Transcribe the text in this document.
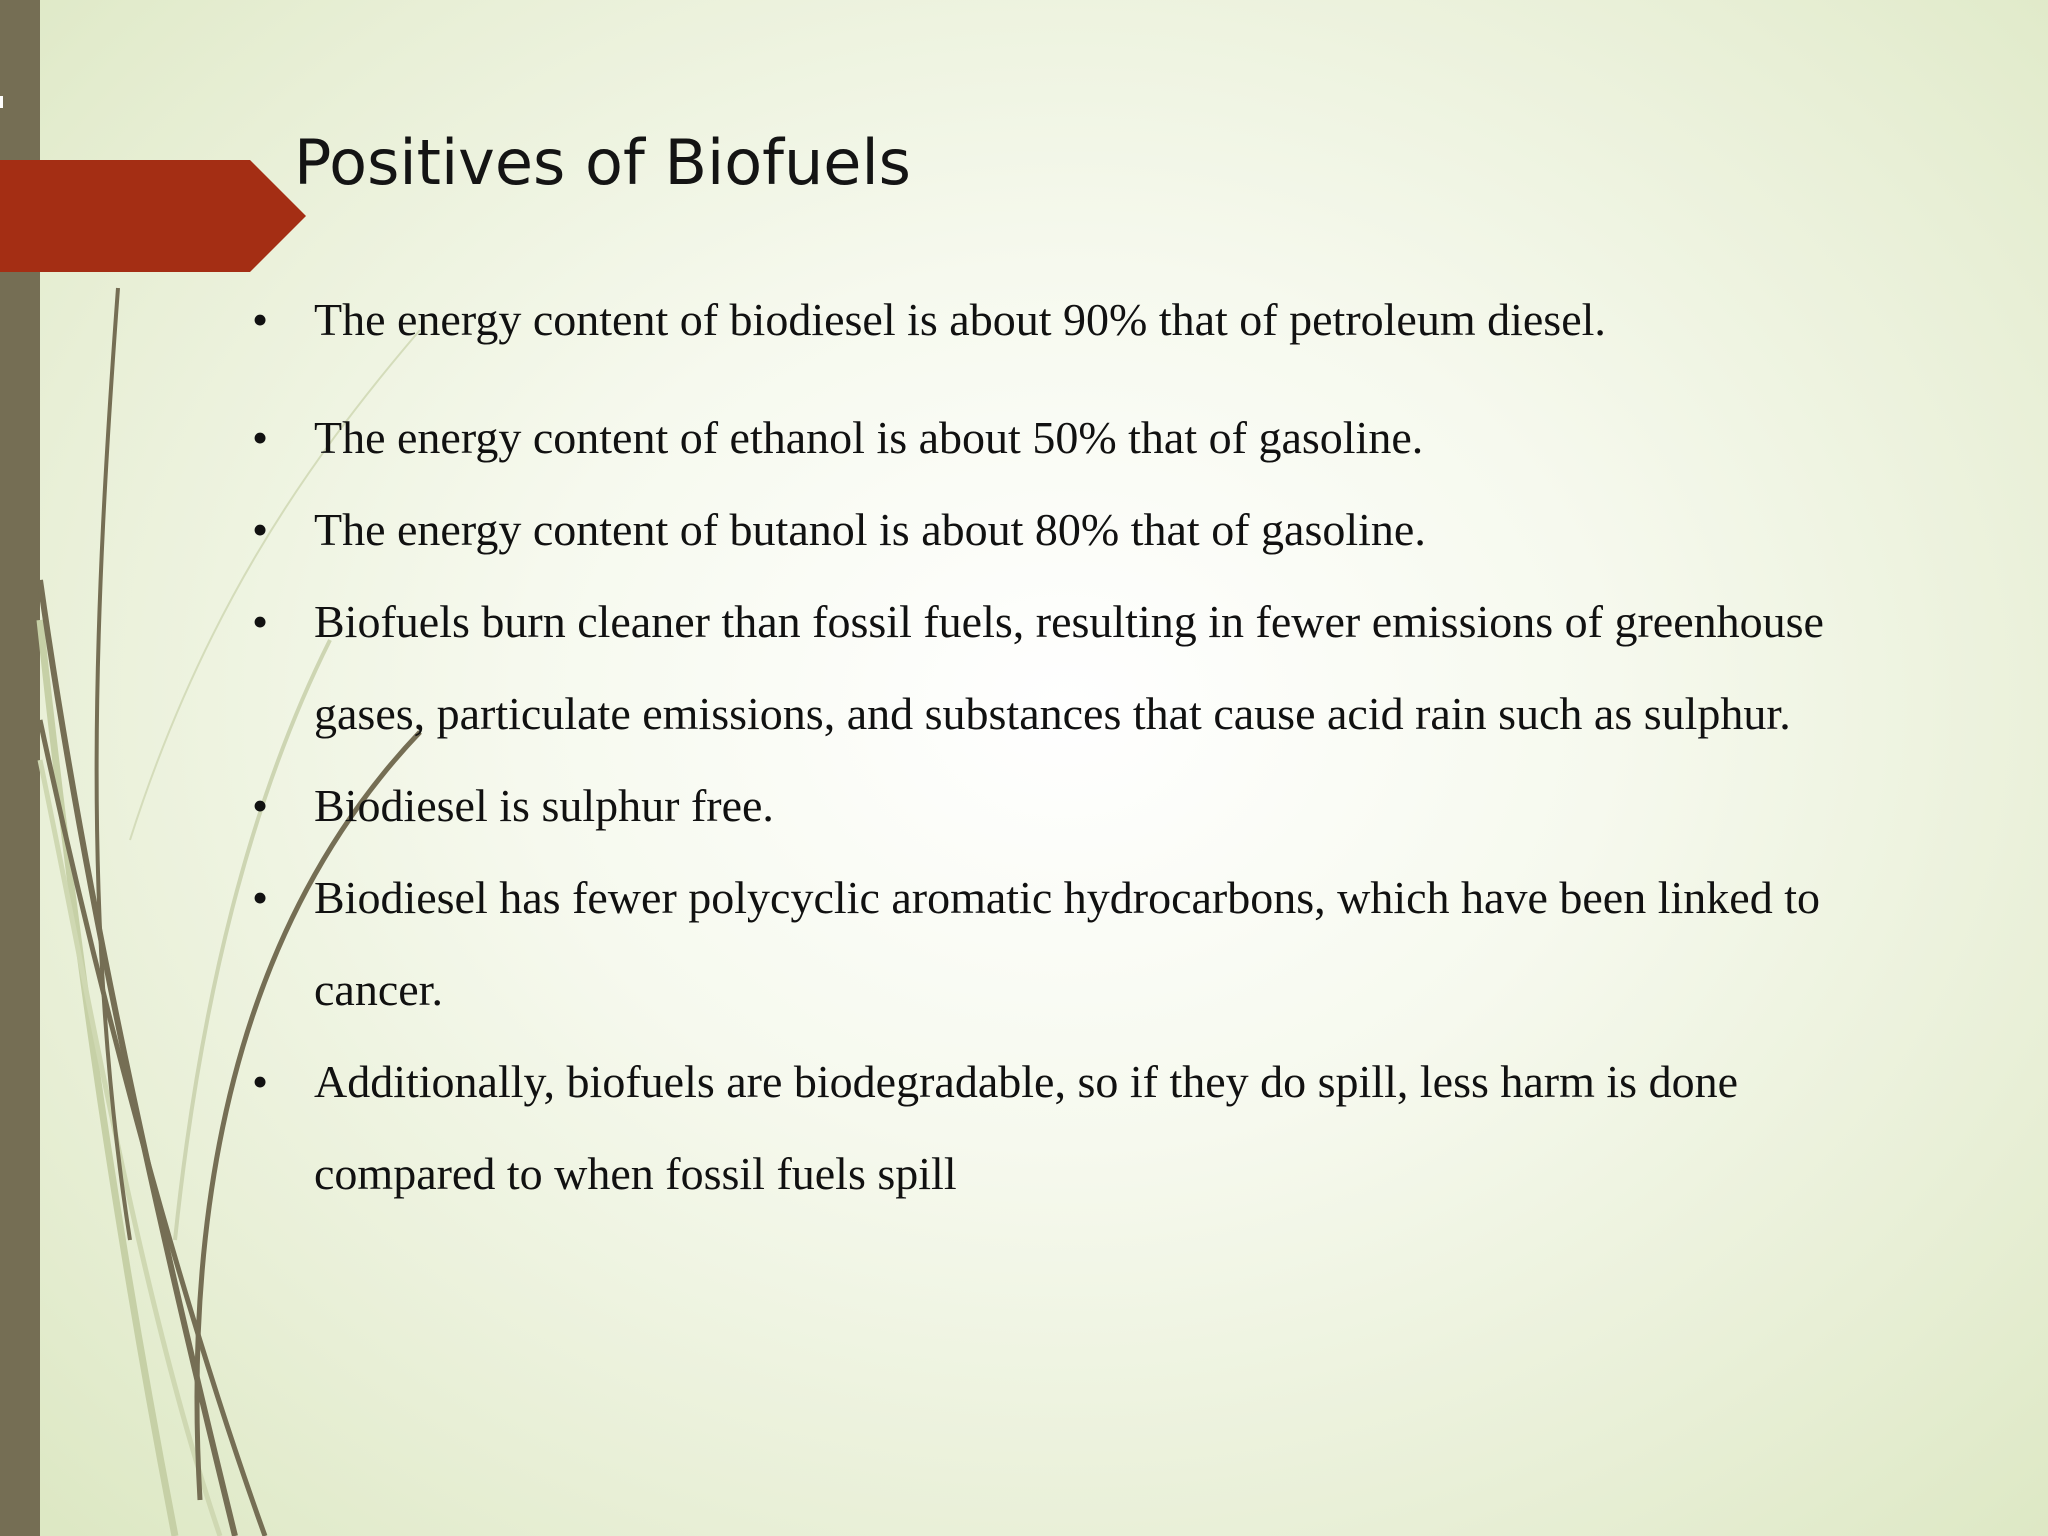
Positives of Biofuels
• The energy content of biodiesel is about 90% that of petroleum diesel.
• The energy content of ethanol is about 50% that of gasoline.
• The energy content of butanol is about 80% that of gasoline.
• Biofuels burn cleaner than fossil fuels, resulting in fewer emissions of greenhouse gases, particulate emissions, and substances that cause acid rain such as sulphur.
• Biodiesel is sulphur free.
• Biodiesel has fewer polycyclic aromatic hydrocarbons, which have been linked to cancer.
• Additionally, biofuels are biodegradable, so if they do spill, less harm is done compared to when fossil fuels spill
